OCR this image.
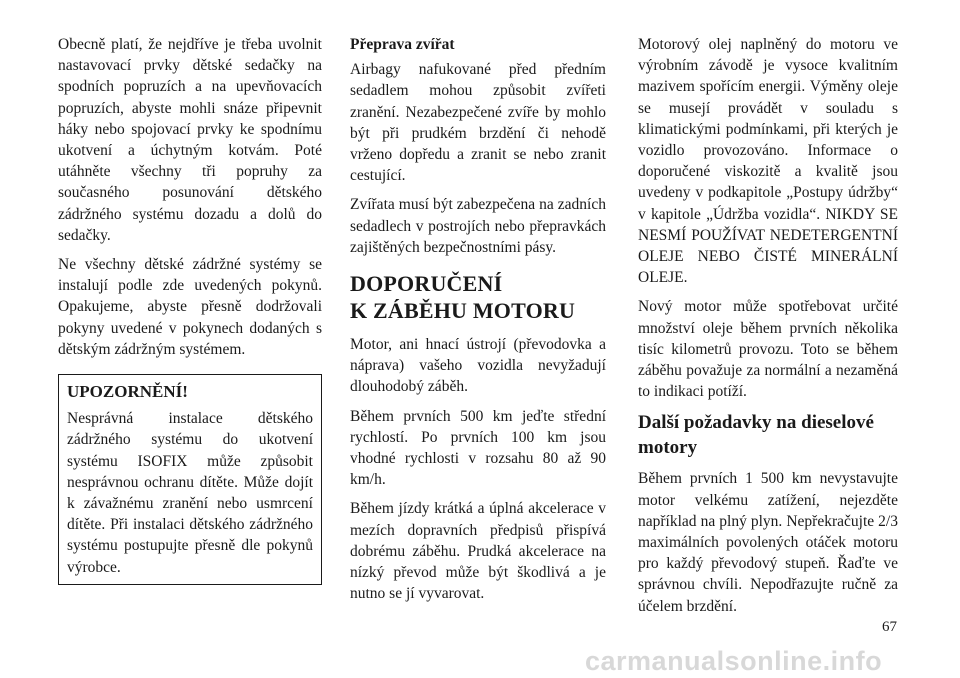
Obecně platí, že nejdříve je třeba uvolnit nastavovací prvky dětské sedačky na spodních popruzích a na upevňovacích popruzích, abyste mohli snáze připevnit háky nebo spojovací prvky ke spodnímu ukotvení a úchytným kotvám. Poté utáhněte všechny tři popruhy za současného posunování dětského zádržného systému dozadu a dolů do sedačky.

Ne všechny dětské zádržné systémy se instalují podle zde uvedených pokynů. Opakujeme, abyste přesně dodržovali pokyny uvedené v pokynech dodaných s dětským zádržným systémem.

UPOZORNĚNÍ!

Nesprávná instalace dětského zádržného systému do ukotvení systému ISOFIX může způsobit nesprávnou ochranu dítěte. Může dojít k závažnému zranění nebo usmrcení dítěte. Při instalaci dětského zádržného systému postupujte přesně dle pokynů výrobce.

Přeprava zvířat

Airbagy nafukované před předním sedadlem mohou způsobit zvířeti zranění. Nezabezpečené zvíře by mohlo být při prudkém brzdění či nehodě vrženo dopředu a zranit se nebo zranit cestující.

Zvířata musí být zabezpečena na zadních sedadlech v postrojích nebo přepravkách zajištěných bezpečnostními pásy.

DOPORUČENÍ
K ZÁBĚHU MOTORU

Motor, ani hnací ústrojí (převodovka a náprava) vašeho vozidla nevyžadují dlouhodobý záběh.

Během prvních 500 km jeďte střední rychlostí. Po prvních 100 km jsou vhodné rychlosti v rozsahu 80 až 90 km/h.

Během jízdy krátká a úplná akcelerace v mezích dopravních předpisů přispívá dobrému záběhu. Prudká akcelerace na nízký převod může být škodlivá a je nutno se jí vyvarovat.

Motorový olej naplněný do motoru ve výrobním závodě je vysoce kvalitním mazivem spořícím energii. Výměny oleje se musejí provádět v souladu s klimatickými podmínkami, při kterých je vozidlo provozováno. Informace o doporučené viskozitě a kvalitě jsou uvedeny v podkapitole „Postupy údržby“ v kapitole „Údržba vozidla“. NIKDY SE NESMÍ POUŽÍVAT NEDETERGENTNÍ OLEJE NEBO ČISTÉ MINERÁLNÍ OLEJE.

Nový motor může spotřebovat určité množství oleje během prvních několika tisíc kilometrů provozu. Toto se během záběhu považuje za normální a nezaměná to indikaci potíží.

Další požadavky na dieselové motory

Během prvních 1 500 km nevystavujte motor velkému zatížení, nejezděte například na plný plyn. Nepřekračujte 2/3 maximálních povolených otáček motoru pro každý převodový stupeň. Řaďte ve správnou chvíli. Nepodřazujte ručně za účelem brzdění.

67
carmanualsonline.info
